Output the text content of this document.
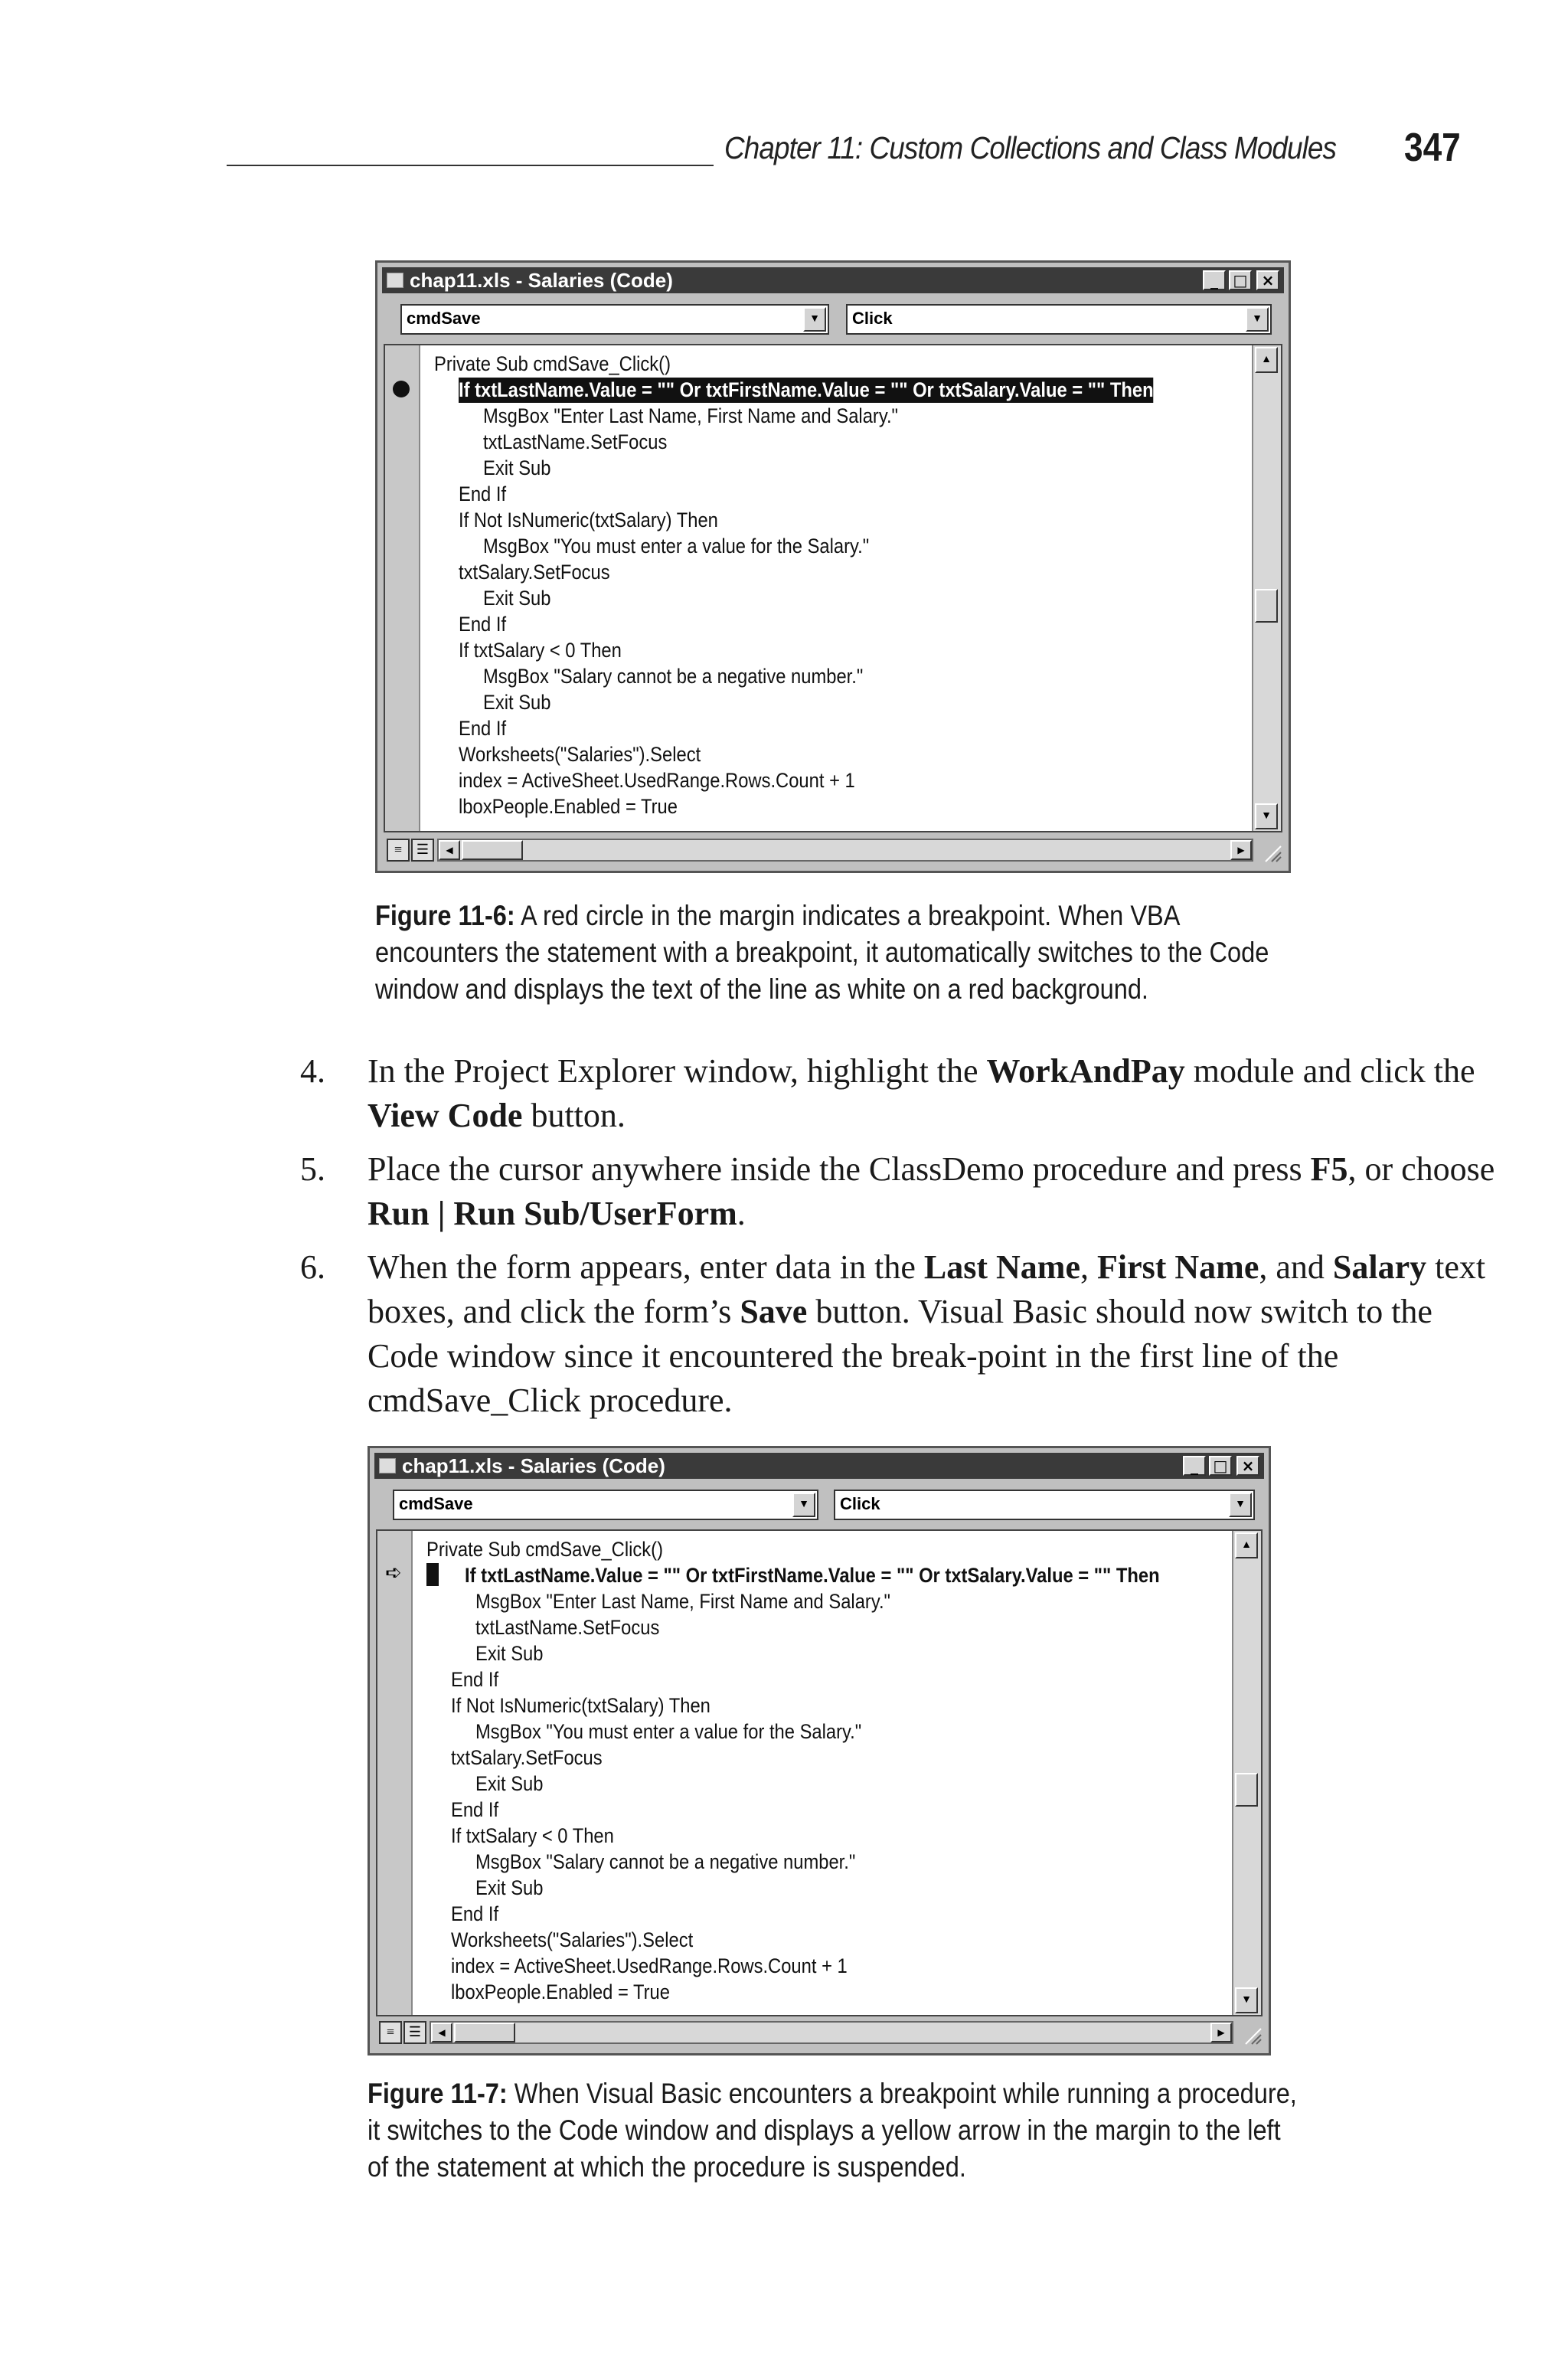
Chapter 11: Custom Collections and Class Modules 347
chap11.xls - Salaries (Code)	_ □ ×
cmdSave	▼	Click	▼
Private Sub cmdSave_Click()
If txtLastName.Value = "" Or txtFirstName.Value = "" Or txtSalary.Value = "" Then
MsgBox "Enter Last Name, First Name and Salary."
txtLastName.SetFocus
Exit Sub
End If
If Not IsNumeric(txtSalary) Then
MsgBox "You must enter a value for the Salary."
txtSalary.SetFocus
Exit Sub
End If
If txtSalary < 0 Then
MsgBox "Salary cannot be a negative number."
Exit Sub
End If
Worksheets("Salaries").Select
index = ActiveSheet.UsedRange.Rows.Count + 1
lboxPeople.Enabled = True
▲
▼
≡	☰	◀	▶
Figure 11-6: A red circle in the margin indicates a breakpoint. When VBA encounters the statement with a breakpoint, it automatically switches to the Code window and displays the text of the line as white on a red background.
4. In the Project Explorer window, highlight the WorkAndPay module and click the View Code button.
5. Place the cursor anywhere inside the ClassDemo procedure and press F5, or choose Run | Run Sub/UserForm.
6. When the form appears, enter data in the Last Name, First Name, and Salary text boxes, and click the form’s Save button. Visual Basic should now switch to the Code window since it encountered the break-point in the first line of the cmdSave_Click procedure.
chap11.xls - Salaries (Code)	_ □ ×
cmdSave	▼	Click	▼
➪
Private Sub cmdSave_Click()
If txtLastName.Value = "" Or txtFirstName.Value = "" Or txtSalary.Value = "" Then
MsgBox "Enter Last Name, First Name and Salary."
txtLastName.SetFocus
Exit Sub
End If
If Not IsNumeric(txtSalary) Then
MsgBox "You must enter a value for the Salary."
txtSalary.SetFocus
Exit Sub
End If
If txtSalary < 0 Then
MsgBox "Salary cannot be a negative number."
Exit Sub
End If
Worksheets("Salaries").Select
index = ActiveSheet.UsedRange.Rows.Count + 1
lboxPeople.Enabled = True
▲
▼
≡	☰	◀	▶
Figure 11-7: When Visual Basic encounters a breakpoint while running a procedure, it switches to the Code window and displays a yellow arrow in the margin to the left of the statement at which the procedure is suspended.
